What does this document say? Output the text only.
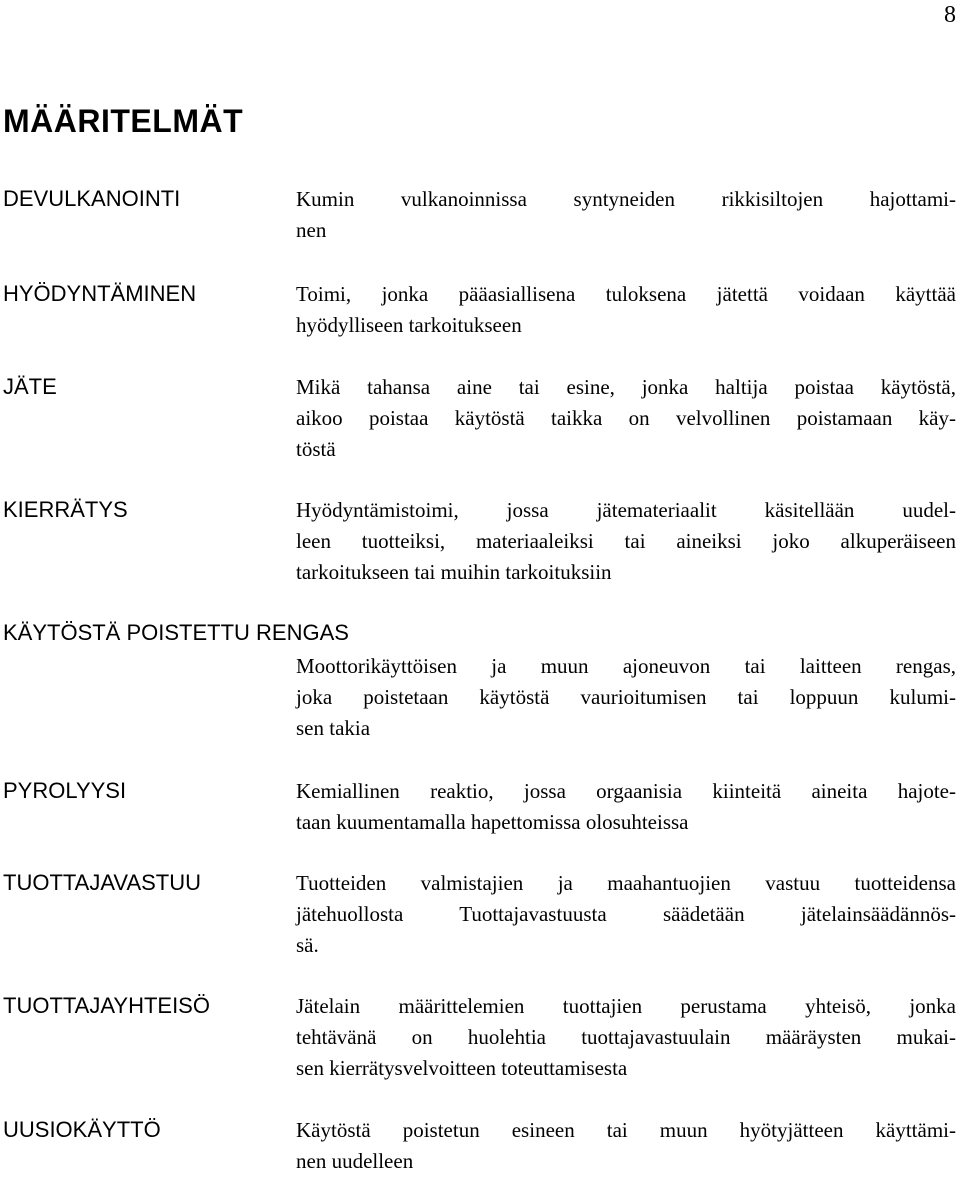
8
MÄÄRITELMÄT
DEVULKANOINTI	Kumin vulkanoinnissa syntyneiden rikkisiltojen hajottami-
nen
HYÖDYNTÄMINEN	Toimi, jonka pääasiallisena tuloksena jätettä voidaan käyttää
hyödylliseen tarkoitukseen
JÄTE	Mikä tahansa aine tai esine, jonka haltija poistaa käytöstä,
aikoo poistaa käytöstä taikka on velvollinen poistamaan käy-
töstä
KIERRÄTYS	Hyödyntämistoimi, jossa jätemateriaalit käsitellään uudel-
leen tuotteiksi, materiaaleiksi tai aineiksi joko alkuperäiseen
tarkoitukseen tai muihin tarkoituksiin
KÄYTÖSTÄ POISTETTU RENGAS
Moottorikäyttöisen ja muun ajoneuvon tai laitteen rengas,
joka poistetaan käytöstä vaurioitumisen tai loppuun kulumi-
sen takia
PYROLYYSI	Kemiallinen reaktio, jossa orgaanisia kiinteitä aineita hajote-
taan kuumentamalla hapettomissa olosuhteissa
TUOTTAJAVASTUU	Tuotteiden valmistajien ja maahantuojien vastuu tuotteidensa
jätehuollosta Tuottajavastuusta säädetään jätelainsäädännös-
sä.
TUOTTAJAYHTEISÖ	Jätelain määrittelemien tuottajien perustama yhteisö, jonka
tehtävänä on huolehtia tuottajavastuulain määräysten mukai-
sen kierrätysvelvoitteen toteuttamisesta
UUSIOKÄYTTÖ	Käytöstä poistetun esineen tai muun hyötyjätteen käyttämi-
nen uudelleen
